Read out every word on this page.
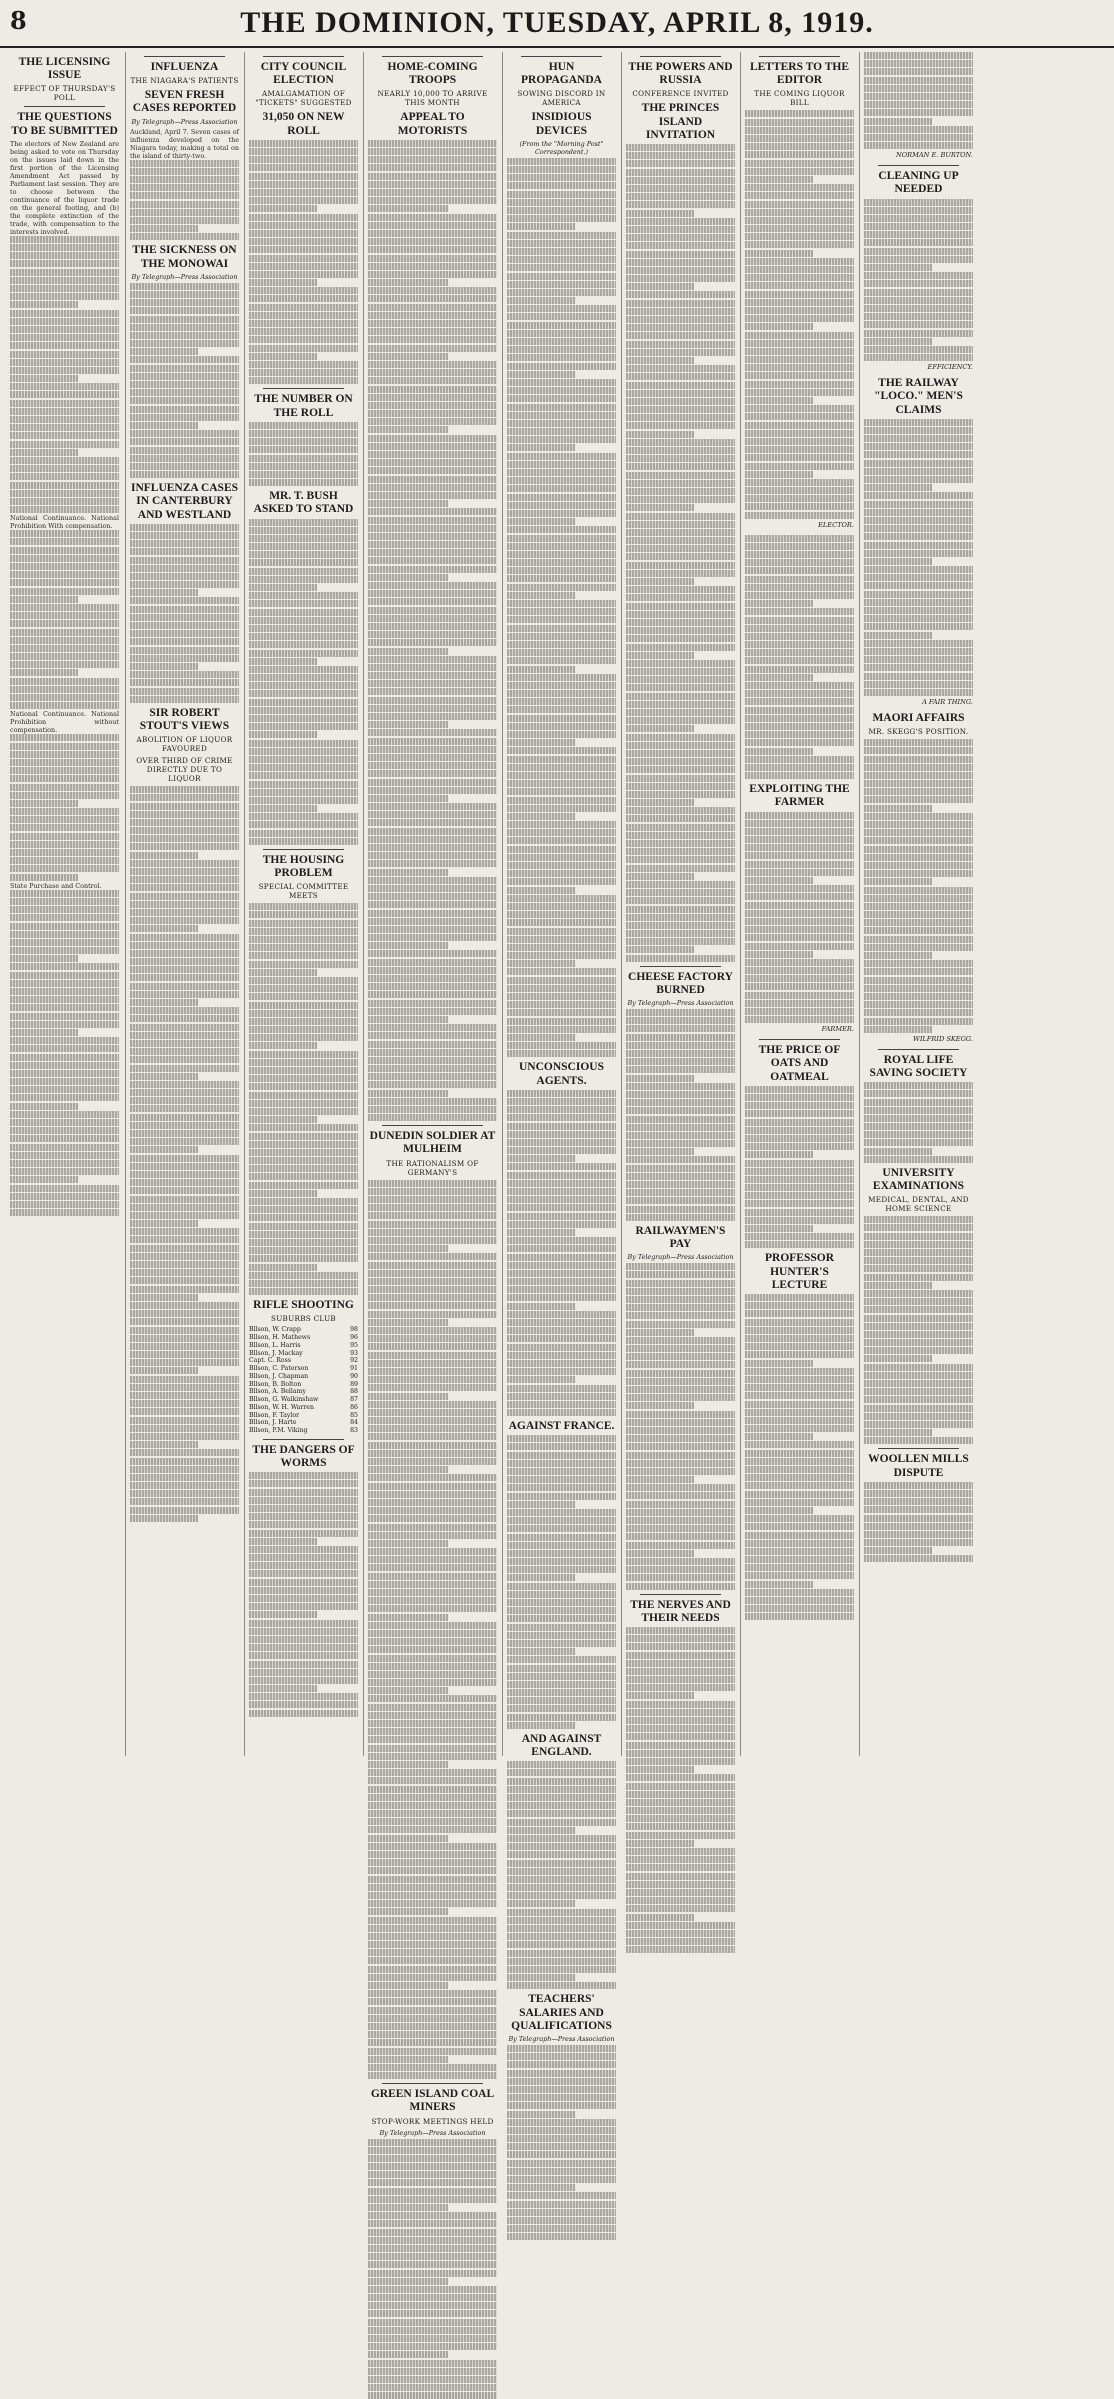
8	THE DOMINION, TUESDAY, APRIL 8, 1919.
THE LICENSING ISSUE
EFFECT OF THURSDAY'S POLL
THE QUESTIONS TO BE SUBMITTED
The electors of New Zealand are being asked to vote on Thursday on the issues laid down in the first portion of the Licensing Amendment Act passed by Parliament last session. They are to choose between the continuance of the liquor trade on the general footing, and (b) the complete extinction of the trade, with compensation to the interests involved.
National Continuance. National Prohibition With compensation.
National Continuance. National Prohibition without compensation.
State Purchase and Control.
INFLUENZA
THE NIAGARA'S PATIENTS
SEVEN FRESH CASES REPORTED
By Telegraph—Press Association
Auckland, April 7. Seven cases of influenza developed on the Niagara today, making a total on the island of thirty-two.
THE SICKNESS ON THE MONOWAI
By Telegraph—Press Association
INFLUENZA CASES IN CANTERBURY AND WESTLAND
SIR ROBERT STOUT'S VIEWS
ABOLITION OF LIQUOR FAVOURED
OVER THIRD OF CRIME DIRECTLY DUE TO LIQUOR
CITY COUNCIL ELECTION
AMALGAMATION OF "TICKETS" SUGGESTED
31,050 ON NEW ROLL
THE NUMBER ON THE ROLL
MR. T. BUSH ASKED TO STAND
THE HOUSING PROBLEM
SPECIAL COMMITTEE MEETS
RIFLE SHOOTING
SUBURBS CLUB
Bllson, W. Crapp	98
Bllson, H. Mathews	96
Bllson, L. Harris	95
Bllson, J. Mackay	93
Capt. C. Ross	92
Bllson, C. Paterson	91
Bllson, J. Chapman	90
Bllson, B. Bolton	89
Bllson, A. Bellamy	88
Bllson, G. Walkinshaw	87
Bllson, W. H. Warren	86
Bllson, F. Taylor	85
Bllson, J. Harte	84
Bllson, P.M. Viking	83
THE DANGERS OF WORMS
HOME-COMING TROOPS
NEARLY 10,000 TO ARRIVE THIS MONTH
APPEAL TO MOTORISTS
DUNEDIN SOLDIER AT MULHEIM
THE RATIONALISM OF GERMANY'S
GREEN ISLAND COAL MINERS
STOP-WORK MEETINGS HELD
By Telegraph—Press Association
HUN PROPAGANDA
SOWING DISCORD IN AMERICA
INSIDIOUS DEVICES
(From the "Morning Post" Correspondent.)
UNCONSCIOUS AGENTS.
AGAINST FRANCE.
AND AGAINST ENGLAND.
TEACHERS' SALARIES AND QUALIFICATIONS
By Telegraph—Press Association
THE POWERS AND RUSSIA
CONFERENCE INVITED
THE PRINCES ISLAND INVITATION
CHEESE FACTORY BURNED
By Telegraph—Press Association
RAILWAYMEN'S PAY
By Telegraph—Press Association
THE NERVES AND THEIR NEEDS
LETTERS TO THE EDITOR
THE COMING LIQUOR BILL
ELECTOR.
EXPLOITING THE FARMER
FARMER.
THE PRICE OF OATS AND OATMEAL
PROFESSOR HUNTER'S LECTURE
NORMAN E. BURTON.
CLEANING UP NEEDED
EFFICIENCY.
THE RAILWAY "LOCO." MEN'S CLAIMS
A FAIR THING.
MAORI AFFAIRS
MR. SKEGG'S POSITION.
WILFRID SKEGG.
ROYAL LIFE SAVING SOCIETY
UNIVERSITY EXAMINATIONS
MEDICAL, DENTAL, AND HOME SCIENCE
WOOLLEN MILLS DISPUTE
